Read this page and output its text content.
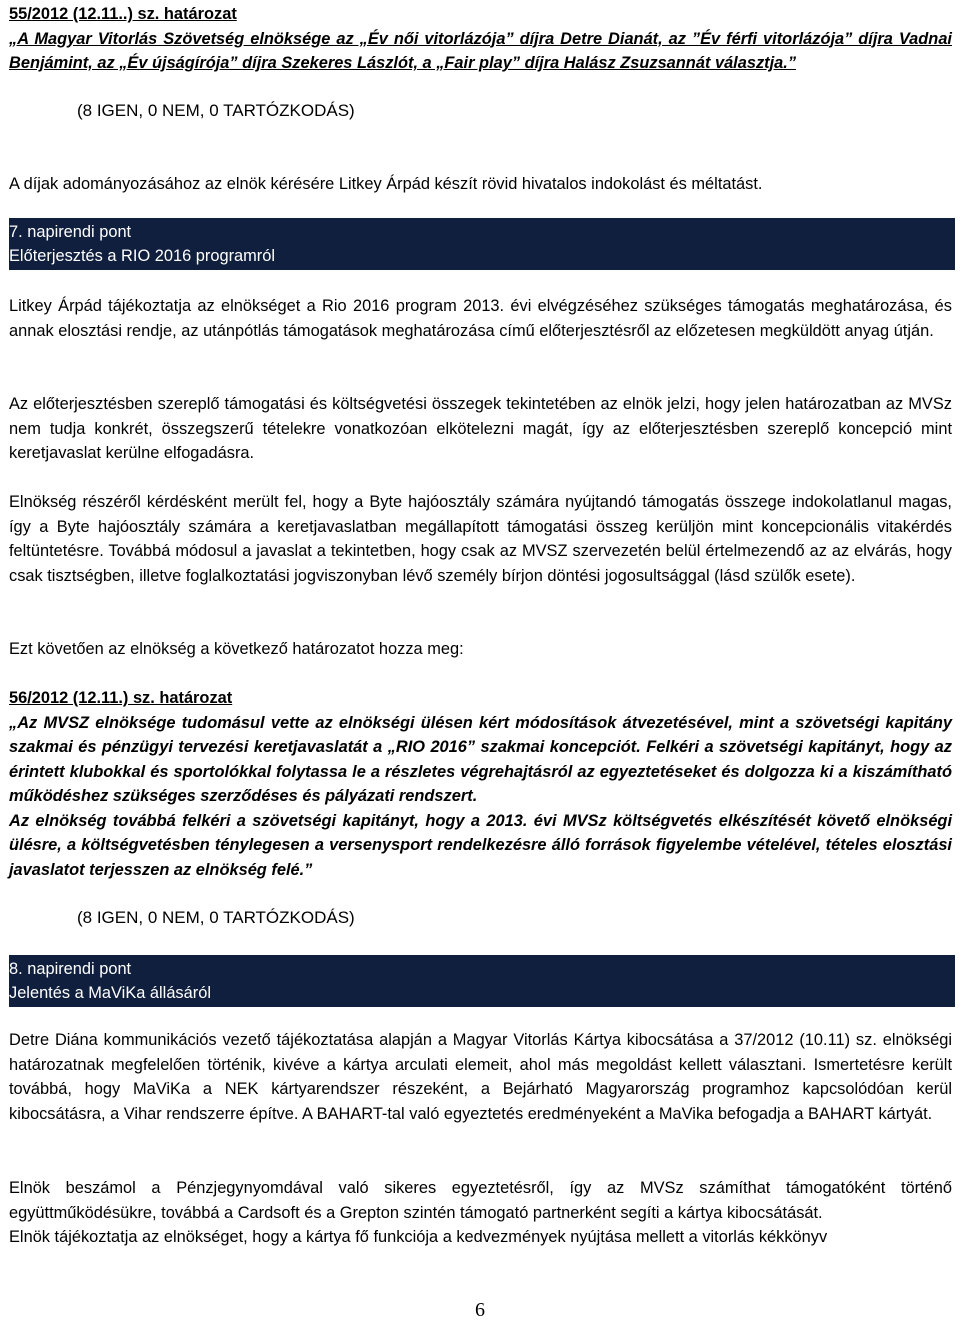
55/2012 (12.11..) sz. határozat

„A Magyar Vitorlás Szövetség elnöksége az „Év női vitorlázója” díjra Detre Dianát, az ”Év férfi vitorlázója” díjra Vadnai Benjámint, az „Év újságírója” díjra Szekeres Lászlót, a „Fair play” díjra Halász Zsuzsannát választja.”

(8 IGEN, 0 NEM, 0 TARTÓZKODÁS)

A díjak adományozásához az elnök kérésére Litkey Árpád készít rövid hivatalos indokolást és méltatást.

7. napirendi pont
Előterjesztés a RIO 2016 programról

Litkey Árpád tájékoztatja az elnökséget a Rio 2016 program 2013. évi elvégzéséhez szükséges támogatás meghatározása, és annak elosztási rendje, az utánpótlás támogatások meghatározása című előterjesztésről az előzetesen megküldött anyag útján.

Az előterjesztésben szereplő támogatási és költségvetési összegek tekintetében az elnök jelzi, hogy jelen határozatban az MVSz nem tudja konkrét, összegszerű tételekre vonatkozóan elkötelezni magát, így az előterjesztésben szereplő koncepció mint keretjavaslat kerülne elfogadásra.

Elnökség részéről kérdésként merült fel, hogy a Byte hajóosztály számára nyújtandó támogatás összege indokolatlanul magas, így a Byte hajóosztály számára a keretjavaslatban megállapított támogatási összeg kerüljön mint koncepcionális vitakérdés feltüntetésre. Továbbá módosul a javaslat a tekintetben, hogy csak az MVSZ szervezetén belül értelmezendő az az elvárás, hogy csak tisztségben, illetve foglalkoztatási jogviszonyban lévő személy bírjon döntési jogosultsággal (lásd szülők esete).

Ezt követően az elnökség a következő határozatot hozza meg:

56/2012 (12.11.) sz. határozat

„Az MVSZ elnöksége tudomásul vette az elnökségi ülésen kért módosítások átvezetésével, mint a szövetségi kapitány szakmai és pénzügyi tervezési keretjavaslatát a „RIO 2016” szakmai koncepciót. Felkéri a szövetségi kapitányt, hogy az érintett klubokkal és sportolókkal folytassa le a részletes végrehajtásról az egyeztetéseket és dolgozza ki a kiszámítható működéshez szükséges szerződéses és pályázati rendszert.

Az elnökség továbbá felkéri a szövetségi kapitányt, hogy a 2013. évi MVSz költségvetés elkészítését követő elnökségi ülésre, a költségvetésben ténylegesen a versenysport rendelkezésre álló források figyelembe vételével, tételes elosztási javaslatot terjesszen az elnökség felé.”

(8 IGEN, 0 NEM, 0 TARTÓZKODÁS)
8. napirendi pont
Jelentés a MaViKa állásáról

Detre Diána kommunikációs vezető tájékoztatása alapján a Magyar Vitorlás Kártya kibocsátása a 37/2012 (10.11) sz. elnökségi határozatnak megfelelően történik, kivéve a kártya arculati elemeit, ahol más megoldást kellett választani. Ismertetésre került továbbá, hogy MaViKa a NEK kártyarendszer részeként, a Bejárható Magyarország programhoz kapcsolódóan kerül kibocsátásra, a Vihar rendszerre építve. A BAHART-tal való egyeztetés eredményeként a MaVika befogadja a BAHART kártyát.

Elnök beszámol a Pénzjegynyomdával való sikeres egyeztetésről, így az MVSz számíthat támogatóként történő együttműködésükre, továbbá a Cardsoft és a Grepton szintén támogató partnerként segíti a kártya kibocsátását.

Elnök tájékoztatja az elnökséget, hogy a kártya fő funkciója a kedvezmények nyújtása mellett a vitorlás kékkönyv

6
